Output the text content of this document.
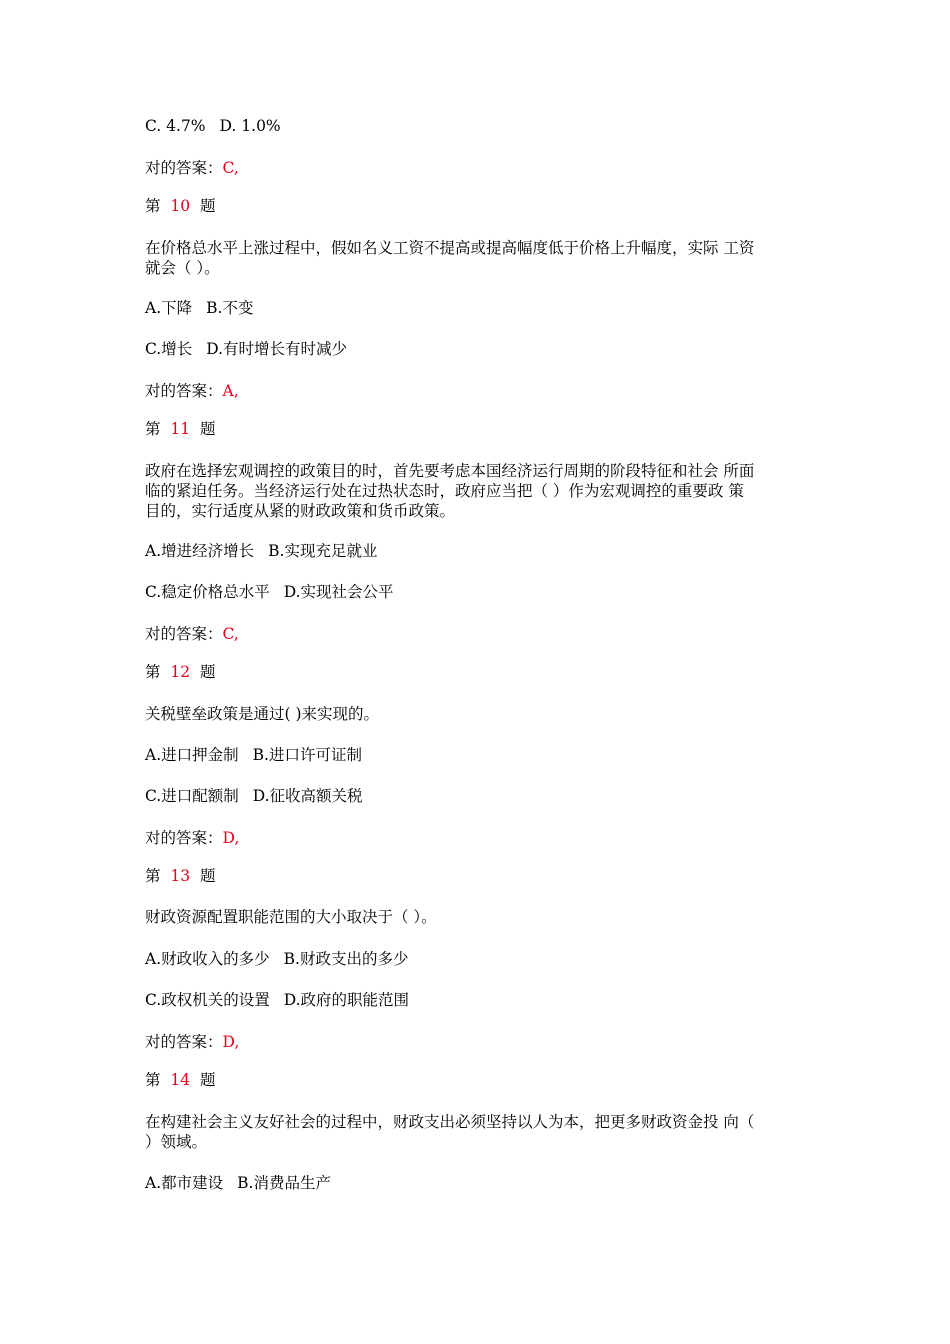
C. 4.7% D. 1.0%
对的答案：C,
第 10 题
在价格总水平上涨过程中，假如名义工资不提高或提高幅度低于价格上升幅度，实际 工资
就会（ ）。
A.下降 B.不变
C.增长 D.有时增长有时减少
对的答案：A,
第 11 题
政府在选择宏观调控的政策目的时，首先要考虑本国经济运行周期的阶段特征和社会 所面
临的紧迫任务。当经济运行处在过热状态时，政府应当把（ ）作为宏观调控的重要政 策
目的，实行适度从紧的财政政策和货币政策。
A.增进经济增长 B.实现充足就业
C.稳定价格总水平 D.实现社会公平
对的答案：C,
第 12 题
关税壁垒政策是通过( )来实现的。
A.进口押金制 B.进口许可证制
C.进口配额制 D.征收高额关税
对的答案：D,
第 13 题
财政资源配置职能范围的大小取决于（ ）。
A.财政收入的多少 B.财政支出的多少
C.政权机关的设置 D.政府的职能范围
对的答案：D,
第 14 题
在构建社会主义友好社会的过程中，财政支出必须坚持以人为本，把更多财政资金投 向（
）领域。
A.都市建设 B.消费品生产
